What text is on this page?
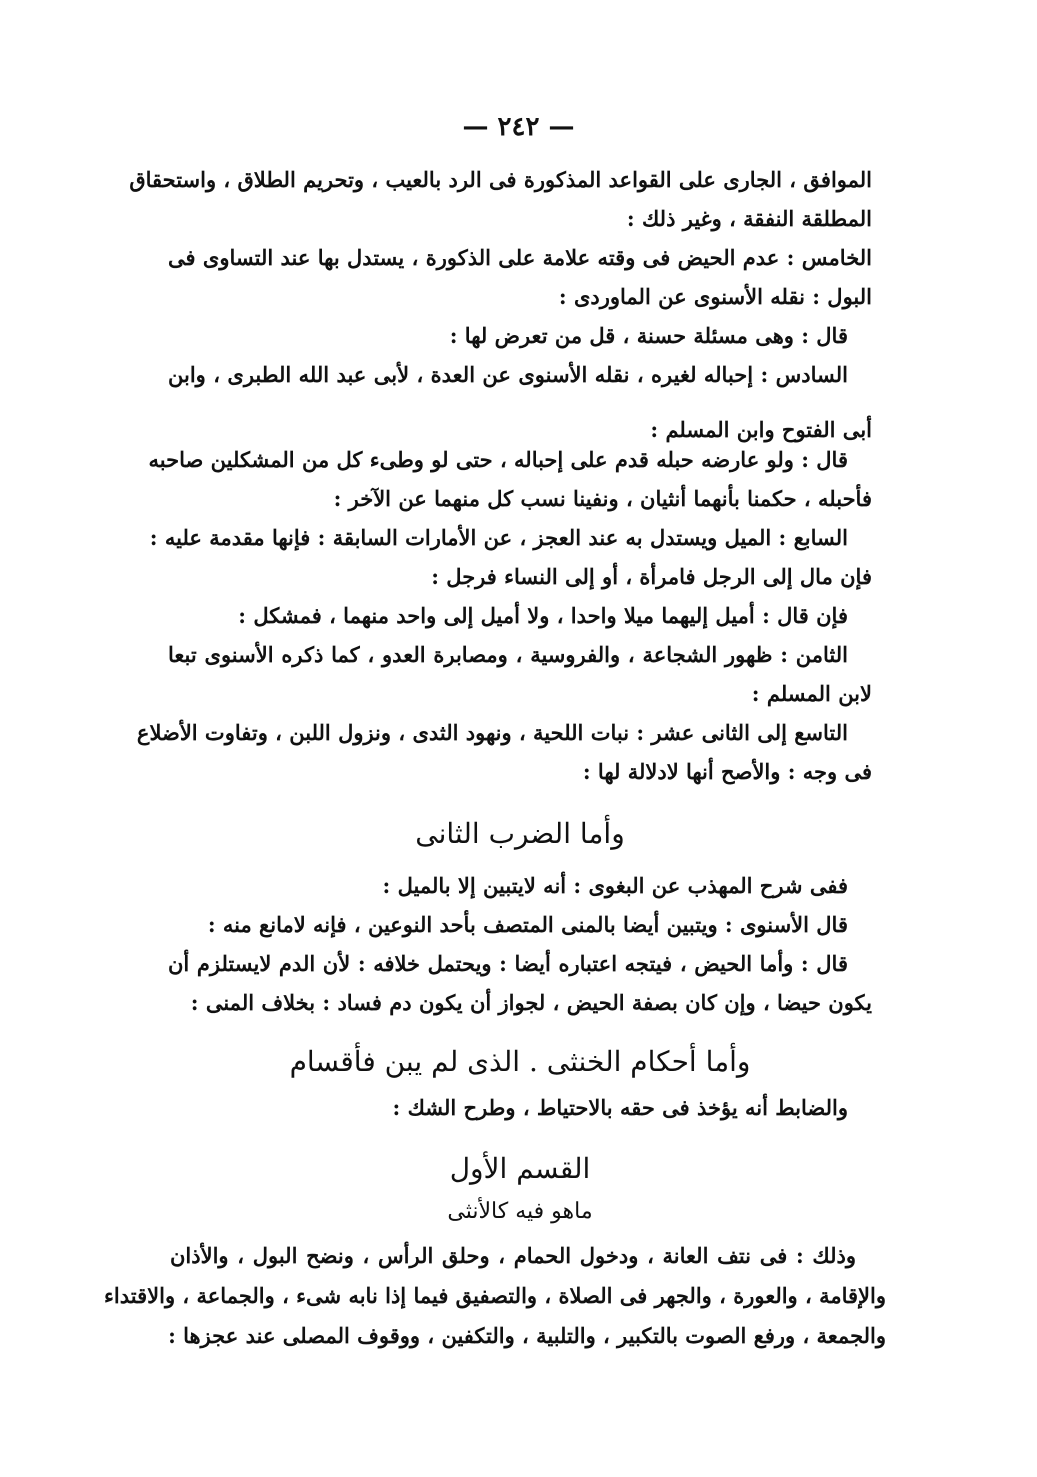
— ٢٤٢ —
الموافق ، الجارى على القواعد المذكورة فى الرد بالعيب ، وتحريم الطلاق ، واستحقاق
المطلقة النفقة ، وغير ذلك :
الخامس : عدم الحيض فى وقته علامة على الذكورة ، يستدل بها عند التساوى فى
البول : نقله الأسنوى عن الماوردى :
قال : وهى مسئلة حسنة ، قل من تعرض لها :
السادس : إحباله لغيره ، نقله الأسنوى عن العدة ، لأبى عبد الله الطبرى ، وابن
أبى الفتوح وابن المسلم :
قال : ولو عارضه حبله قدم على إحباله ، حتى لو وطىء كل من المشكلين صاحبه
فأحبله ، حكمنا بأنهما أنثيان ، ونفينا نسب كل منهما عن الآخر :
السابع : الميل ويستدل به عند العجز ، عن الأمارات السابقة : فإنها مقدمة عليه :
فإن مال إلى الرجل فامرأة ، أو إلى النساء فرجل :
فإن قال : أميل إليهما ميلا واحدا ، ولا أميل إلى واحد منهما ، فمشكل :
الثامن : ظهور الشجاعة ، والفروسية ، ومصابرة العدو ، كما ذكره الأسنوى تبعا
لابن المسلم :
التاسع إلى الثانى عشر : نبات اللحية ، ونهود الثدى ، ونزول اللبن ، وتفاوت الأضلاع
فى وجه : والأصح أنها لادلالة لها :
وأما الضرب الثانى
ففى شرح المهذب عن البغوى : أنه لايتبين إلا بالميل :
قال الأسنوى : ويتبين أيضا بالمنى المتصف بأحد النوعين ، فإنه لامانع منه :
قال : وأما الحيض ، فيتجه اعتباره أيضا : ويحتمل خلافه : لأن الدم لايستلزم أن
يكون حيضا ، وإن كان بصفة الحيض ، لجواز أن يكون دم فساد : بخلاف المنى :
وأما أحكام الخنثى . الذى لم يبن فأقسام
والضابط أنه يؤخذ فى حقه بالاحتياط ، وطرح الشك :
القسم الأول
ماهو فيه كالأنثى
وذلك : فى نتف العانة ، ودخول الحمام ، وحلق الرأس ، ونضح البول ، والأذان
والإقامة ، والعورة ، والجهر فى الصلاة ، والتصفيق فيما إذا نابه شىء ، والجماعة ، والاقتداء
والجمعة ، ورفع الصوت بالتكبير ، والتلبية ، والتكفين ، ووقوف المصلى عند عجزها :
